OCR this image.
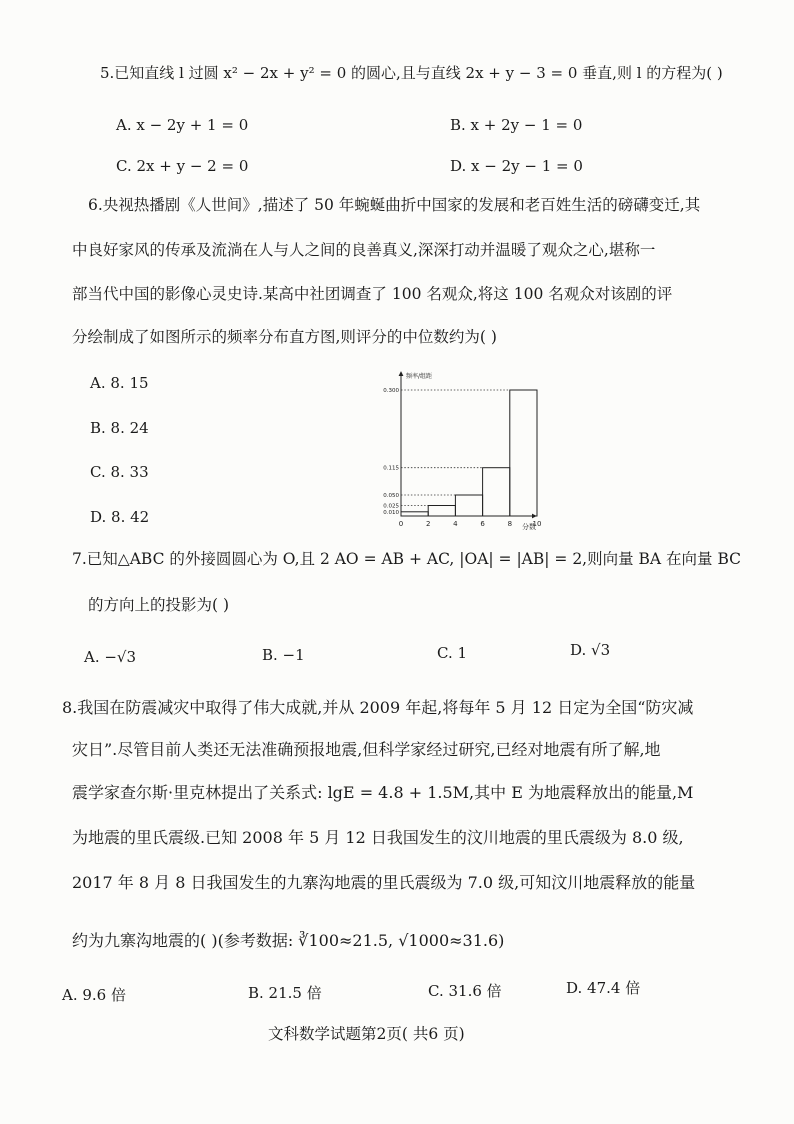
5.已知直线 l 过圆 x² − 2x + y² = 0 的圆心,且与直线 2x + y − 3 = 0 垂直,则 l 的方程为( )
A. x − 2y + 1 = 0	B. x + 2y − 1 = 0
C. 2x + y − 2 = 0	D. x − 2y − 1 = 0
6.央视热播剧《人世间》,描述了 50 年蜿蜒曲折中国家的发展和老百姓生活的磅礴变迁,其
中良好家风的传承及流淌在人与人之间的良善真义,深深打动并温暖了观众之心,堪称一
部当代中国的影像心灵史诗.某高中社团调查了 100 名观众,将这 100 名观众对该剧的评
分绘制成了如图所示的频率分布直方图,则评分的中位数约为( )
A. 8. 15
B. 8. 24
C. 8. 33
D. 8. 42
频率/组距
分数
0.300
0.115
0.050
0.025
0.010
0	2	4	6	8	10
7.已知△ABC 的外接圆圆心为 O,且 2 AO = AB + AC, |OA| = |AB| = 2,则向量 BA 在向量 BC
的方向上的投影为( )
A. −√3	B. −1	C. 1	D. √3
8.我国在防震减灾中取得了伟大成就,并从 2009 年起,将每年 5 月 12 日定为全国“防灾减
灾日”.尽管目前人类还无法准确预报地震,但科学家经过研究,已经对地震有所了解,地
震学家查尔斯·里克林提出了关系式: lgE = 4.8 + 1.5M,其中 E 为地震释放出的能量,M
为地震的里氏震级.已知 2008 年 5 月 12 日我国发生的汶川地震的里氏震级为 8.0 级,
2017 年 8 月 8 日我国发生的九寨沟地震的里氏震级为 7.0 级,可知汶川地震释放的能量
约为九寨沟地震的( )(参考数据: ∛100≈21.5, √1000≈31.6)
A. 9.6 倍	B. 21.5 倍	C. 31.6 倍	D. 47.4 倍
文科数学试题第2页( 共6 页)
